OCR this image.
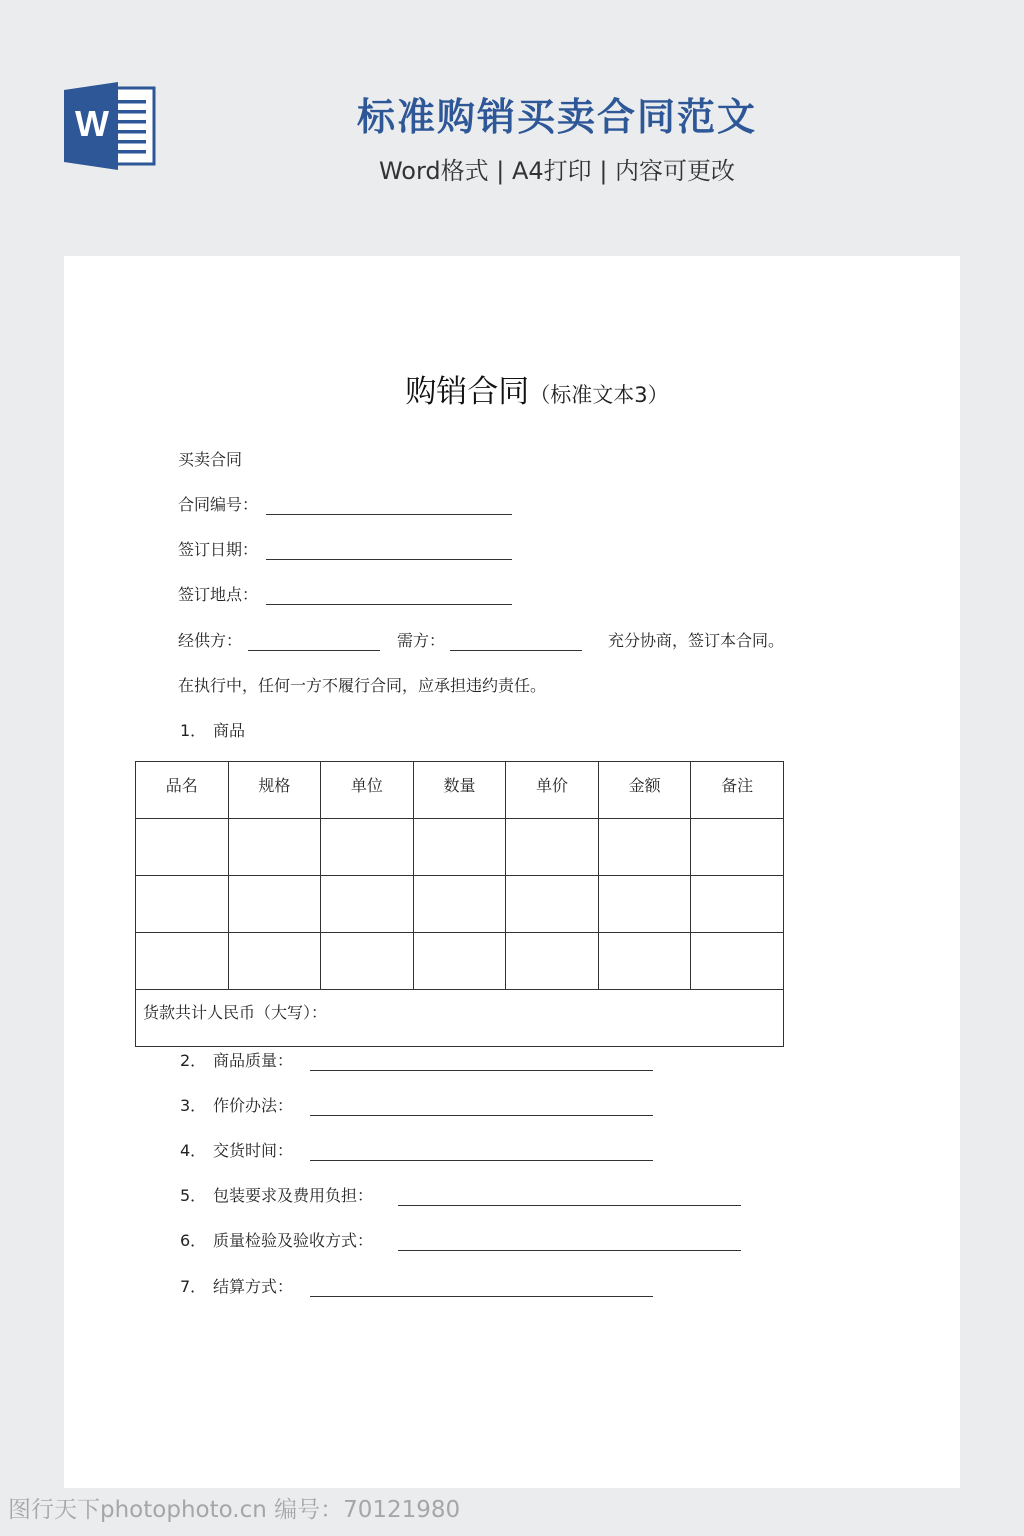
W	标准购销买卖合同范文
Word格式 | A4打印 | 内容可更改
购销合同（标准文本3）
买卖合同
合同编号：
签订日期：
签订地点：
经供方：	需方：	充分协商，签订本合同。
在执行中，任何一方不履行合同，应承担违约责任。
1． 商品
品名	规格	单位	数量	单价	金额	备注

货款共计人民币（大写）：						
2． 商品质量：
3． 作价办法：
4． 交货时间：
5． 包装要求及费用负担：
6． 质量检验及验收方式：
7． 结算方式：
图行天下photophoto.cn 编号：70121980
